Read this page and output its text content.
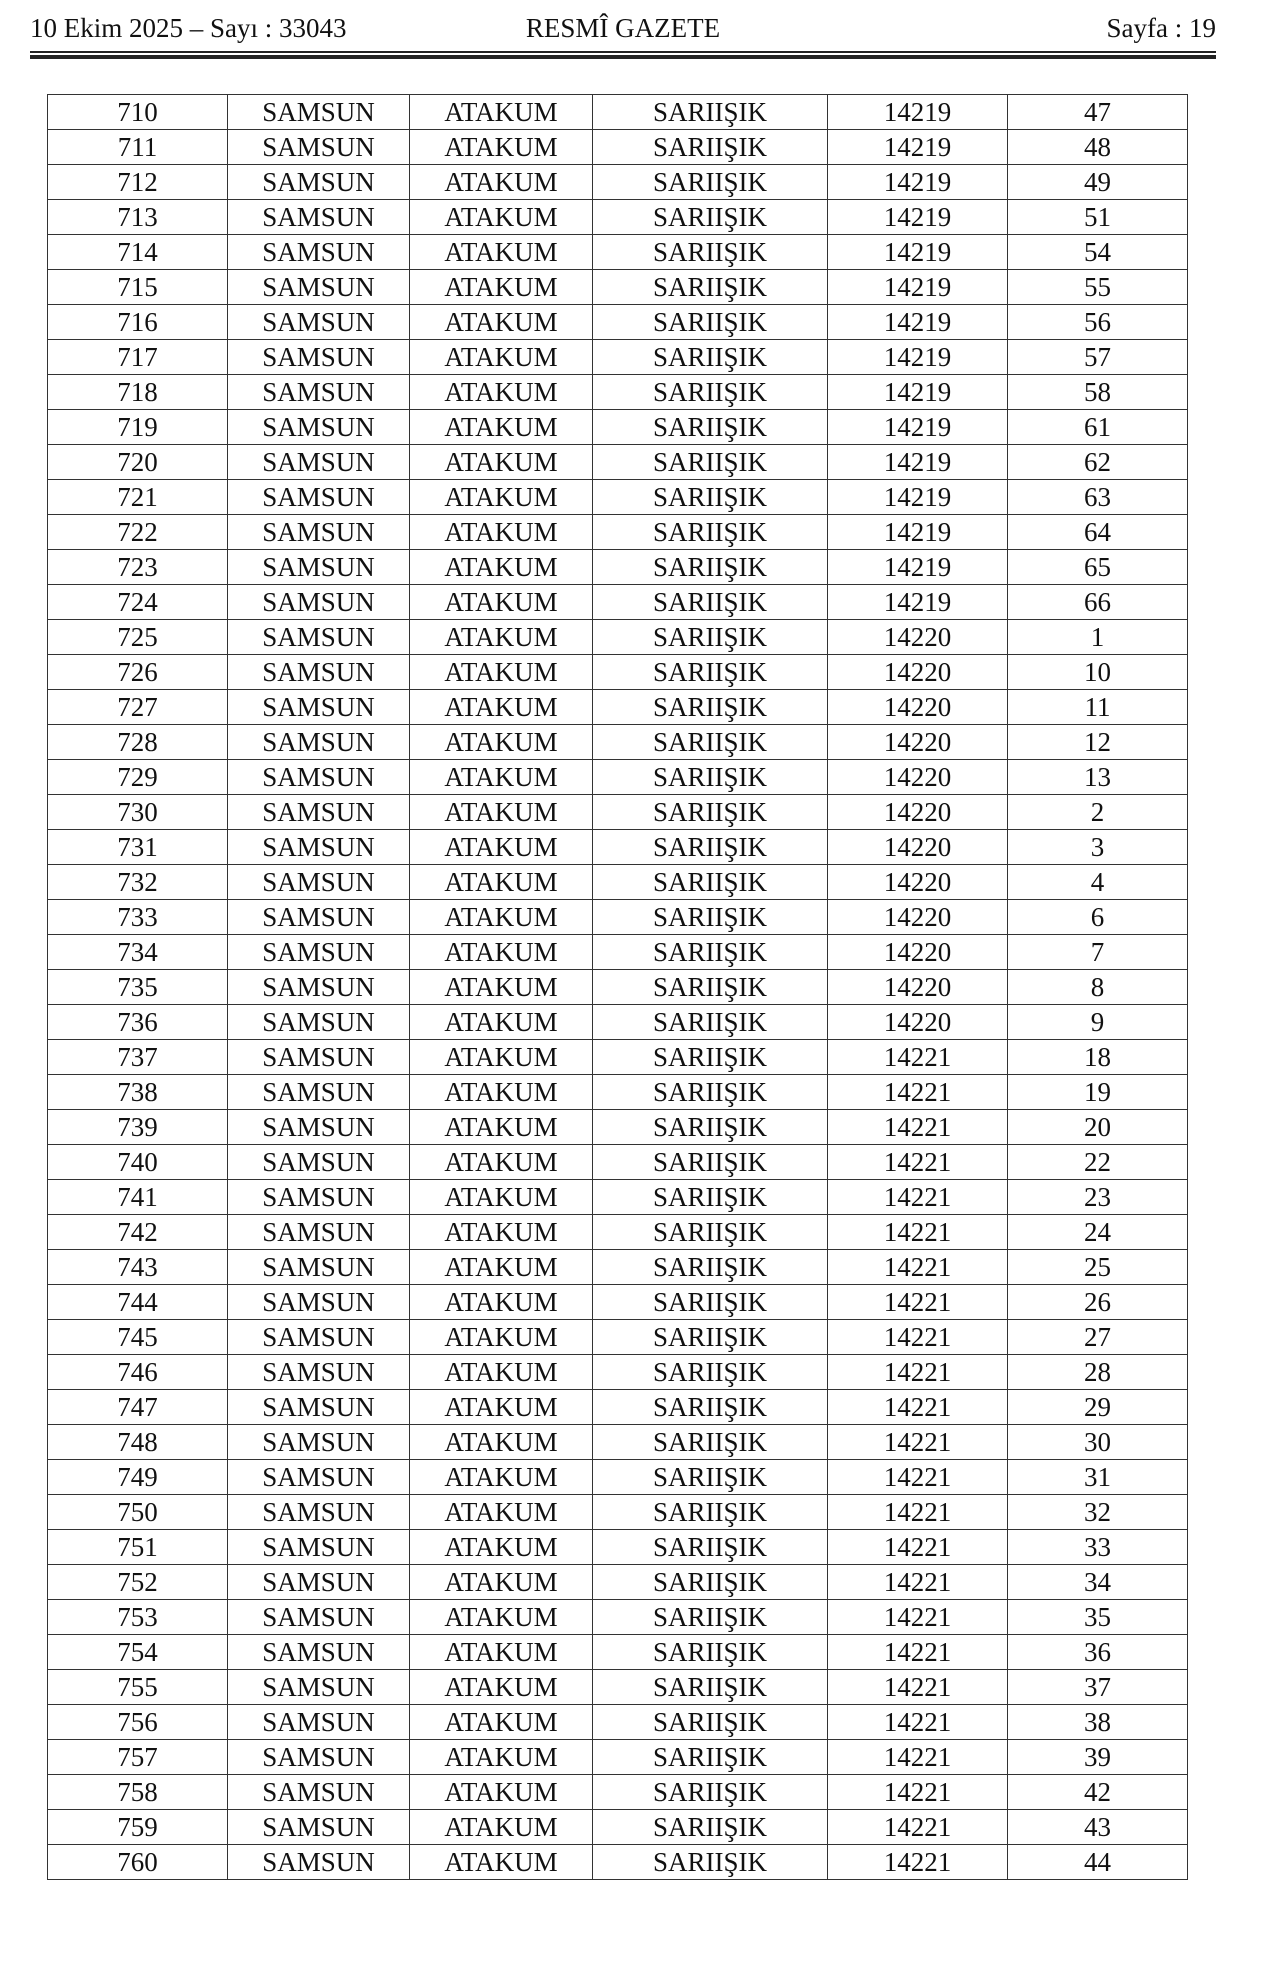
RESMÎ GAZETE
10 Ekim 2025 – Sayı : 33043	Sayfa : 19
710	SAMSUN	ATAKUM	SARIIŞIK	14219	47
711	SAMSUN	ATAKUM	SARIIŞIK	14219	48
712	SAMSUN	ATAKUM	SARIIŞIK	14219	49
713	SAMSUN	ATAKUM	SARIIŞIK	14219	51
714	SAMSUN	ATAKUM	SARIIŞIK	14219	54
715	SAMSUN	ATAKUM	SARIIŞIK	14219	55
716	SAMSUN	ATAKUM	SARIIŞIK	14219	56
717	SAMSUN	ATAKUM	SARIIŞIK	14219	57
718	SAMSUN	ATAKUM	SARIIŞIK	14219	58
719	SAMSUN	ATAKUM	SARIIŞIK	14219	61
720	SAMSUN	ATAKUM	SARIIŞIK	14219	62
721	SAMSUN	ATAKUM	SARIIŞIK	14219	63
722	SAMSUN	ATAKUM	SARIIŞIK	14219	64
723	SAMSUN	ATAKUM	SARIIŞIK	14219	65
724	SAMSUN	ATAKUM	SARIIŞIK	14219	66
725	SAMSUN	ATAKUM	SARIIŞIK	14220	1
726	SAMSUN	ATAKUM	SARIIŞIK	14220	10
727	SAMSUN	ATAKUM	SARIIŞIK	14220	11
728	SAMSUN	ATAKUM	SARIIŞIK	14220	12
729	SAMSUN	ATAKUM	SARIIŞIK	14220	13
730	SAMSUN	ATAKUM	SARIIŞIK	14220	2
731	SAMSUN	ATAKUM	SARIIŞIK	14220	3
732	SAMSUN	ATAKUM	SARIIŞIK	14220	4
733	SAMSUN	ATAKUM	SARIIŞIK	14220	6
734	SAMSUN	ATAKUM	SARIIŞIK	14220	7
735	SAMSUN	ATAKUM	SARIIŞIK	14220	8
736	SAMSUN	ATAKUM	SARIIŞIK	14220	9
737	SAMSUN	ATAKUM	SARIIŞIK	14221	18
738	SAMSUN	ATAKUM	SARIIŞIK	14221	19
739	SAMSUN	ATAKUM	SARIIŞIK	14221	20
740	SAMSUN	ATAKUM	SARIIŞIK	14221	22
741	SAMSUN	ATAKUM	SARIIŞIK	14221	23
742	SAMSUN	ATAKUM	SARIIŞIK	14221	24
743	SAMSUN	ATAKUM	SARIIŞIK	14221	25
744	SAMSUN	ATAKUM	SARIIŞIK	14221	26
745	SAMSUN	ATAKUM	SARIIŞIK	14221	27
746	SAMSUN	ATAKUM	SARIIŞIK	14221	28
747	SAMSUN	ATAKUM	SARIIŞIK	14221	29
748	SAMSUN	ATAKUM	SARIIŞIK	14221	30
749	SAMSUN	ATAKUM	SARIIŞIK	14221	31
750	SAMSUN	ATAKUM	SARIIŞIK	14221	32
751	SAMSUN	ATAKUM	SARIIŞIK	14221	33
752	SAMSUN	ATAKUM	SARIIŞIK	14221	34
753	SAMSUN	ATAKUM	SARIIŞIK	14221	35
754	SAMSUN	ATAKUM	SARIIŞIK	14221	36
755	SAMSUN	ATAKUM	SARIIŞIK	14221	37
756	SAMSUN	ATAKUM	SARIIŞIK	14221	38
757	SAMSUN	ATAKUM	SARIIŞIK	14221	39
758	SAMSUN	ATAKUM	SARIIŞIK	14221	42
759	SAMSUN	ATAKUM	SARIIŞIK	14221	43
760	SAMSUN	ATAKUM	SARIIŞIK	14221	44
